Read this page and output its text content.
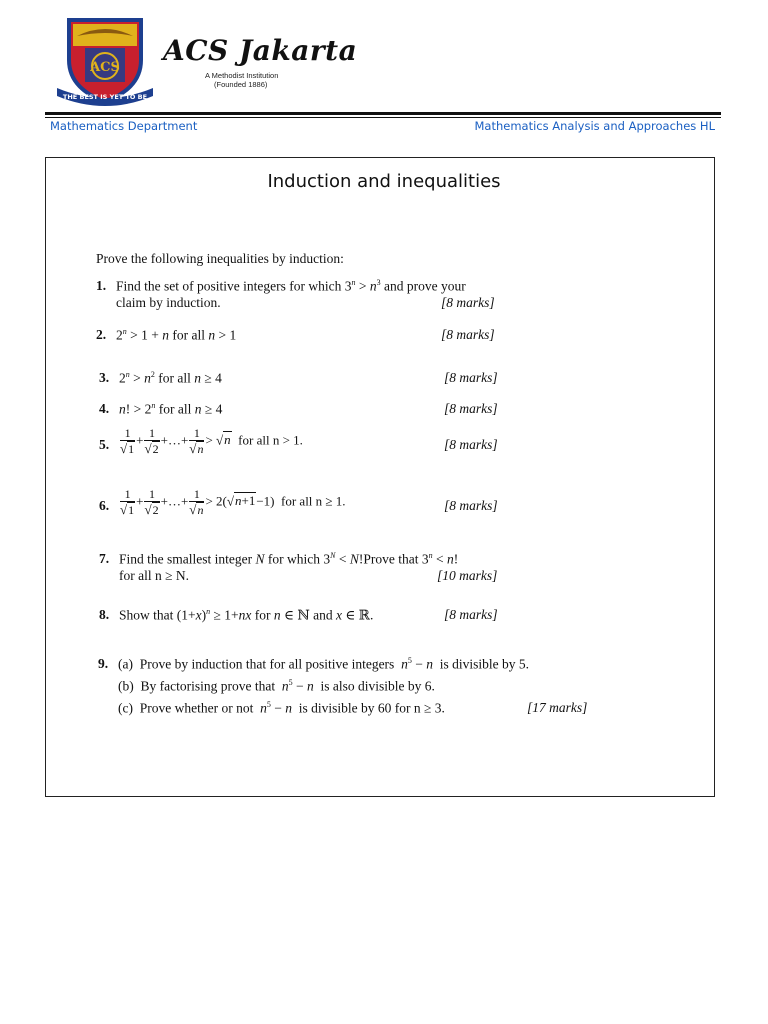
ACS
THE BEST IS YET TO BE
ACS Jakarta
A Methodist Institution
(Founded 1886)
Mathematics Department	Mathematics Analysis and Approaches HL
Induction and inequalities
Prove the following inequalities by induction:
1. Find the set of positive integers for which $3^n > n^3$ and prove your
claim by induction.	[8 marks]
2. $2^n > 1 + n$ for all n > 1	[8 marks]
3. $2^n > n^2$ for all n ≥ 4	[8 marks]
4. n! > $2^n$ for all n ≥ 4	[8 marks]
5. $\frac{1}{√1} + \frac{1}{√2}$ +…+ $\frac{1}{√n} > √n$ for all n > 1.	[8 marks]
6. $\frac{1}{√1} + \frac{1}{√2}$ +…+ $\frac{1}{√n} > 2(√n+1-1)$  for all n ≥ 1.	[8 marks]
7. Find the smallest integer N for which $3^N$ < N!Prove that $3^n < n$!
for all n ≥ N.	[10 marks]
8. Show that $(1+x)^n \ge 1+nx$ for n ∈ ℕ and x ∈ ℝ.	[8 marks]
9. (a) Prove by induction that for all positive integers $n^5 - n$ is divisible by 5.
(b) By factorising prove that $n^5 - n$ is also divisible by 6.
(c) Prove whether or not $n^5 - n$ is divisible by 60 for n ≥ 3.	[17 marks]
